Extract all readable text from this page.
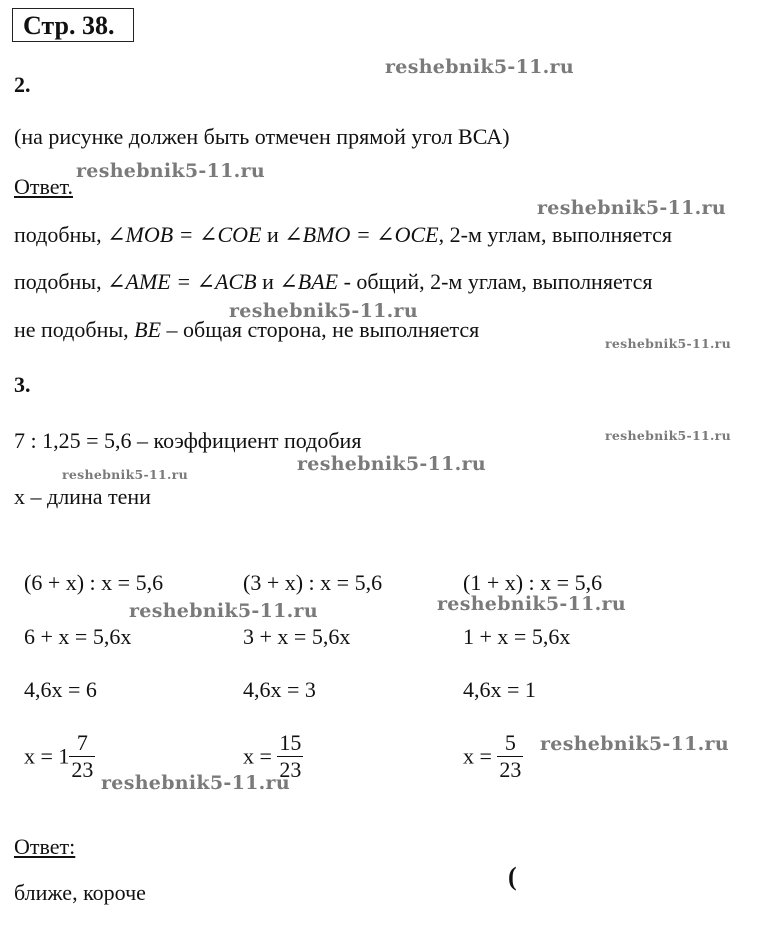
Стр. 38.
2.
(на рисунке должен быть отмечен прямой угол ВСА)
Ответ.
подобны, ∠MOB = ∠COE и ∠BMO = ∠OCE, 2-м углам, выполняется
подобны, ∠AME = ∠ACB и ∠BAE - общий, 2-м углам, выполняется
не подобны, BE – общая сторона, не выполняется
3.
7 : 1,25 = 5,6 – коэффициент подобия
x – длина тени
(6 + x) : x = 5,6
6 + x = 5,6x
4,6x = 6
$x = 1 \frac{7}{23}$
(3 + x) : x = 5,6
3 + x = 5,6x
4,6x = 3
$x = \frac{15}{23}$
(1 + x) : x = 5,6
1 + x = 5,6x
4,6x = 1
$x = \frac{5}{23}$
Ответ:
ближе, короче
(
reshebnik5-11.ru
reshebnik5-11.ru
reshebnik5-11.ru
reshebnik5-11.ru
reshebnik5-11.ru
reshebnik5-11.ru
reshebnik5-11.ru
reshebnik5-11.ru
reshebnik5-11.ru	reshebnik5-11.ru
reshebnik5-11.ru
reshebnik5-11.ru
